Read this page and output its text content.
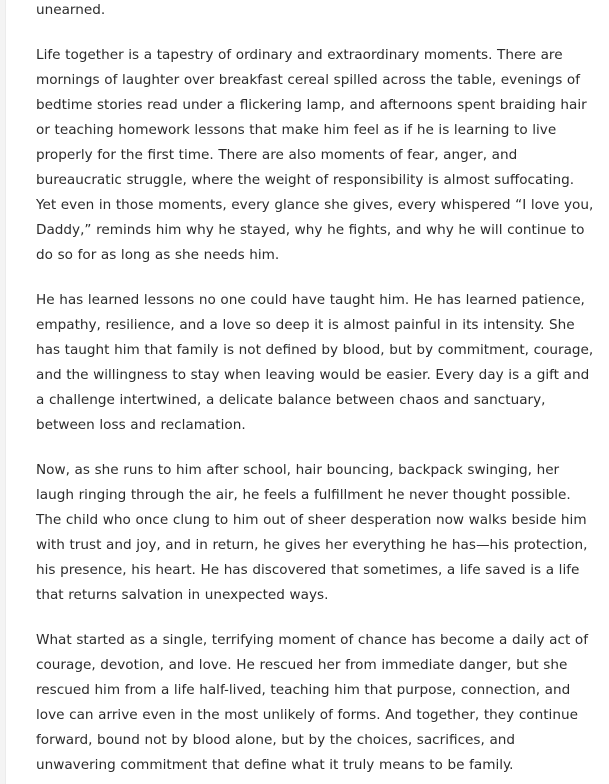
unearned.

Life together is a tapestry of ordinary and extraordinary moments. There are
mornings of laughter over breakfast cereal spilled across the table, evenings of
bedtime stories read under a flickering lamp, and afternoons spent braiding hair
or teaching homework lessons that make him feel as if he is learning to live
properly for the first time. There are also moments of fear, anger, and
bureaucratic struggle, where the weight of responsibility is almost suffocating.
Yet even in those moments, every glance she gives, every whispered “I love you,
Daddy,” reminds him why he stayed, why he fights, and why he will continue to
do so for as long as she needs him.

He has learned lessons no one could have taught him. He has learned patience,
empathy, resilience, and a love so deep it is almost painful in its intensity. She
has taught him that family is not defined by blood, but by commitment, courage,
and the willingness to stay when leaving would be easier. Every day is a gift and
a challenge intertwined, a delicate balance between chaos and sanctuary,
between loss and reclamation.

Now, as she runs to him after school, hair bouncing, backpack swinging, her
laugh ringing through the air, he feels a fulfillment he never thought possible.
The child who once clung to him out of sheer desperation now walks beside him
with trust and joy, and in return, he gives her everything he has—his protection,
his presence, his heart. He has discovered that sometimes, a life saved is a life
that returns salvation in unexpected ways.

What started as a single, terrifying moment of chance has become a daily act of
courage, devotion, and love. He rescued her from immediate danger, but she
rescued him from a life half-lived, teaching him that purpose, connection, and
love can arrive even in the most unlikely of forms. And together, they continue
forward, bound not by blood alone, but by the choices, sacrifices, and
unwavering commitment that define what it truly means to be family.
